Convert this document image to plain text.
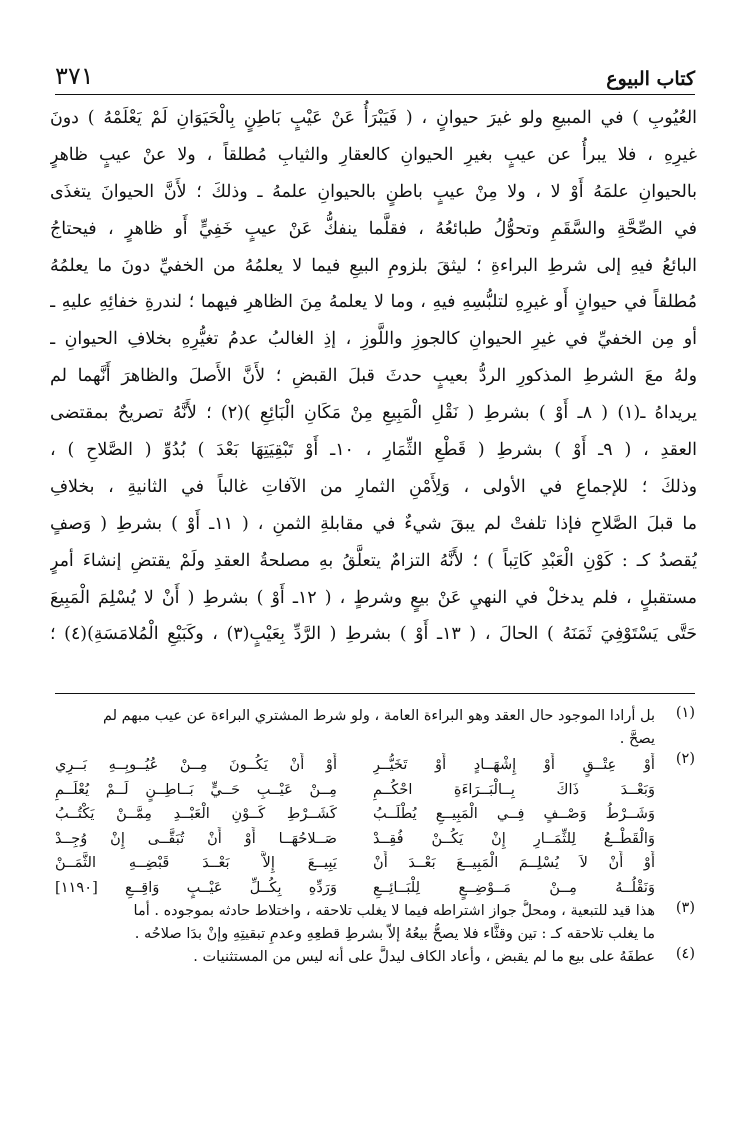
كتاب البيوع
٣٧١
العُيُوبِ ) في المبيعِ ولو غيرَ حيوانٍ ، ( فَيَبْرَأُ عَنْ عَيْبٍ بَاطِنٍ بِالْحَيَوَانِ لَمْ يَعْلَمْهُ ) دونَ
غيرِهِ ، فلا يبرأُ عن عيبٍ بغيرِ الحيوانِ كالعقارِ والثيابِ مُطلقاً ، ولا عنْ عيبٍ ظاهرٍ
بالحيوانِ علمَهُ أَوْ لا ، ولا مِنْ عيبٍ باطنٍ بالحيوانِ علمهُ ـ وذلكَ ؛ لأَنَّ الحيوانَ يتغذَى
في الصِّحَّةِ والسَّقَمِ وتحوُّلُ طبائعُهُ ، فقلَّما ينفكُّ عَنْ عيبٍ خَفِيٍّ أَو ظاهرٍ ، فيحتاجُ
البائعُ فيهِ إلى شرطِ البراءةِ ؛ ليثقَ بلزومِ البيعِ فيما لا يعلمُهُ من الخفيِّ دونَ ما يعلمُهُ
مُطلقاً في حيوانٍ أَو غيرِهِ لتلبُّسِهِ فيهِ ، وما لا يعلمهُ مِنَ الظاهرِ فيهما ؛ لندرةِ خفائِهِ عليهِ ـ
أو مِن الخفيِّ في غيرِ الحيوانِ كالجوزِ واللَّوزِ ، إذِ الغالبُ عدمُ تغيُّرِهِ بخلافِ الحيوانِ ـ
ولهُ معَ الشرطِ المذكورِ الردُّ بعيبٍ حدثَ قبلَ القبضِ ؛ لأَنَّ الأَصلَ والظاهرَ أَنَّهما لم
يريداهُ ـ(١) ( ٨ـ أَوْ ) بشرطِ ( نَقْلِ الْمَبِيعِ مِنْ مَكَانِ الْبَائِعِ )(٢) ؛ لأَنَّهُ تصريحٌ بمقتضى
العقدِ ، ( ٩ـ أَوْ ) بشرطِ ( قَطْعِ الثِّمَارِ ، ١٠ـ أَوْ تَبْقِيَتِهَا بَعْدَ ) بُدُوِّ ( الصَّلاحِ ) ،
وذلكَ ؛ للإجماعِ في الأولى ، وَلِأَمْنِ الثمارِ من الآفاتِ غالباً في الثانيةِ ، بخلافِ
ما قبلَ الصَّلاحِ فإذا تلفتْ لم يبقَ شيءٌ في مقابلةِ الثمنِ ، ( ١١ـ أَوْ ) بشرطِ ( وَصفٍ
يُقصدُ كـ : كَوْنِ الْعَبْدِ كَاتِباً ) ؛ لأَنَّهُ التزامٌ يتعلَّقُ بهِ مصلحةُ العقدِ ولَمْ يقتضِ إنشاءَ أمرٍ
مستقبلٍ ، فلم يدخلْ في النهيِ عَنْ بيعٍ وشرطٍ ، ( ١٢ـ أَوْ ) بشرطِ ( أَنْ لا يُسْلِمَ الْمَبِيعَ
حَتَّى يَسْتَوْفِيَ ثَمَنَهُ ) الحالَ ، ( ١٣ـ أَوْ ) بشرطِ ( الرَّدِّ بِعَيْبٍ(٣) ، وكَبَيْعِ الْمُلامَسَةِ)(٤) ؛
(١)
بل أرادا الموجود حال العقد وهو البراءة العامة ، ولو شرط المشتري البراءة عن عيب مبهم لم
يصحَّ .
(٢)
أَوْ عِتْــقٍ أَوْ إِشْهَــادٍ أَوْ تَخَيُّــرِ
أَوْ أَنْ يَكُــونَ مِــنْ عُيُــوبِــهِ بَــرِي
وَبَعْــدَ ذَاكَ بِــالْبَــرَاءَةِ احْكُــمِ
مِــنْ عَيْــبِ حَــيٍّ بَــاطِــنٍ لَــمْ يُعْلَــمِ
وَشَــرْطُ وَصْــفٍ فِــي الْمَبِيــعِ يُطْلَــبُ
كَشَــرْطِ كَــوْنِ الْعَبْــدِ مِمَّــنْ يَكْتُــبُ
وَالْقَطْــعُ لِلثِّمَــارِ إِنْ يَكُــنْ فُقِــدْ
صَــلاحُهَــا أَوْ أَنْ تُبَقَّــى إِنْ وُجِــدْ
أَوْ أَنْ لاَ يُسْلِــمَ الْمَبِيــعَ بَعْــدَ أَنْ
يَبِيــعَ إِلاَّ بَعْــدَ قَبْضِــهِ الثَّمَــنْ
وَنَقْلُــهُ مِــنْ مَــوْضِــعٍ لِلْبَــائِــعِ
وَرَدِّهِ بِكُــلِّ عَيْــبٍ وَاقِــعِ [١١٩٠]
(٣)
هذا قيد للتبعية ، ومحلُّ جواز اشتراطه فيما لا يغلب تلاحقه ، واختلاط حادثه بموجوده . أما
ما يغلب تلاحقه كـ : تين وقثَّاء فلا يصحُّ بيعُهُ إلاَّ بشرطِ قطعِهِ وعدمِ تبقيتِهِ وإنْ بدَا صلاحُه .
(٤)
عطفَهُ على بيع ما لم يقبض ، وأعاد الكاف ليدلَّ على أنه ليس من المستثنيات .
